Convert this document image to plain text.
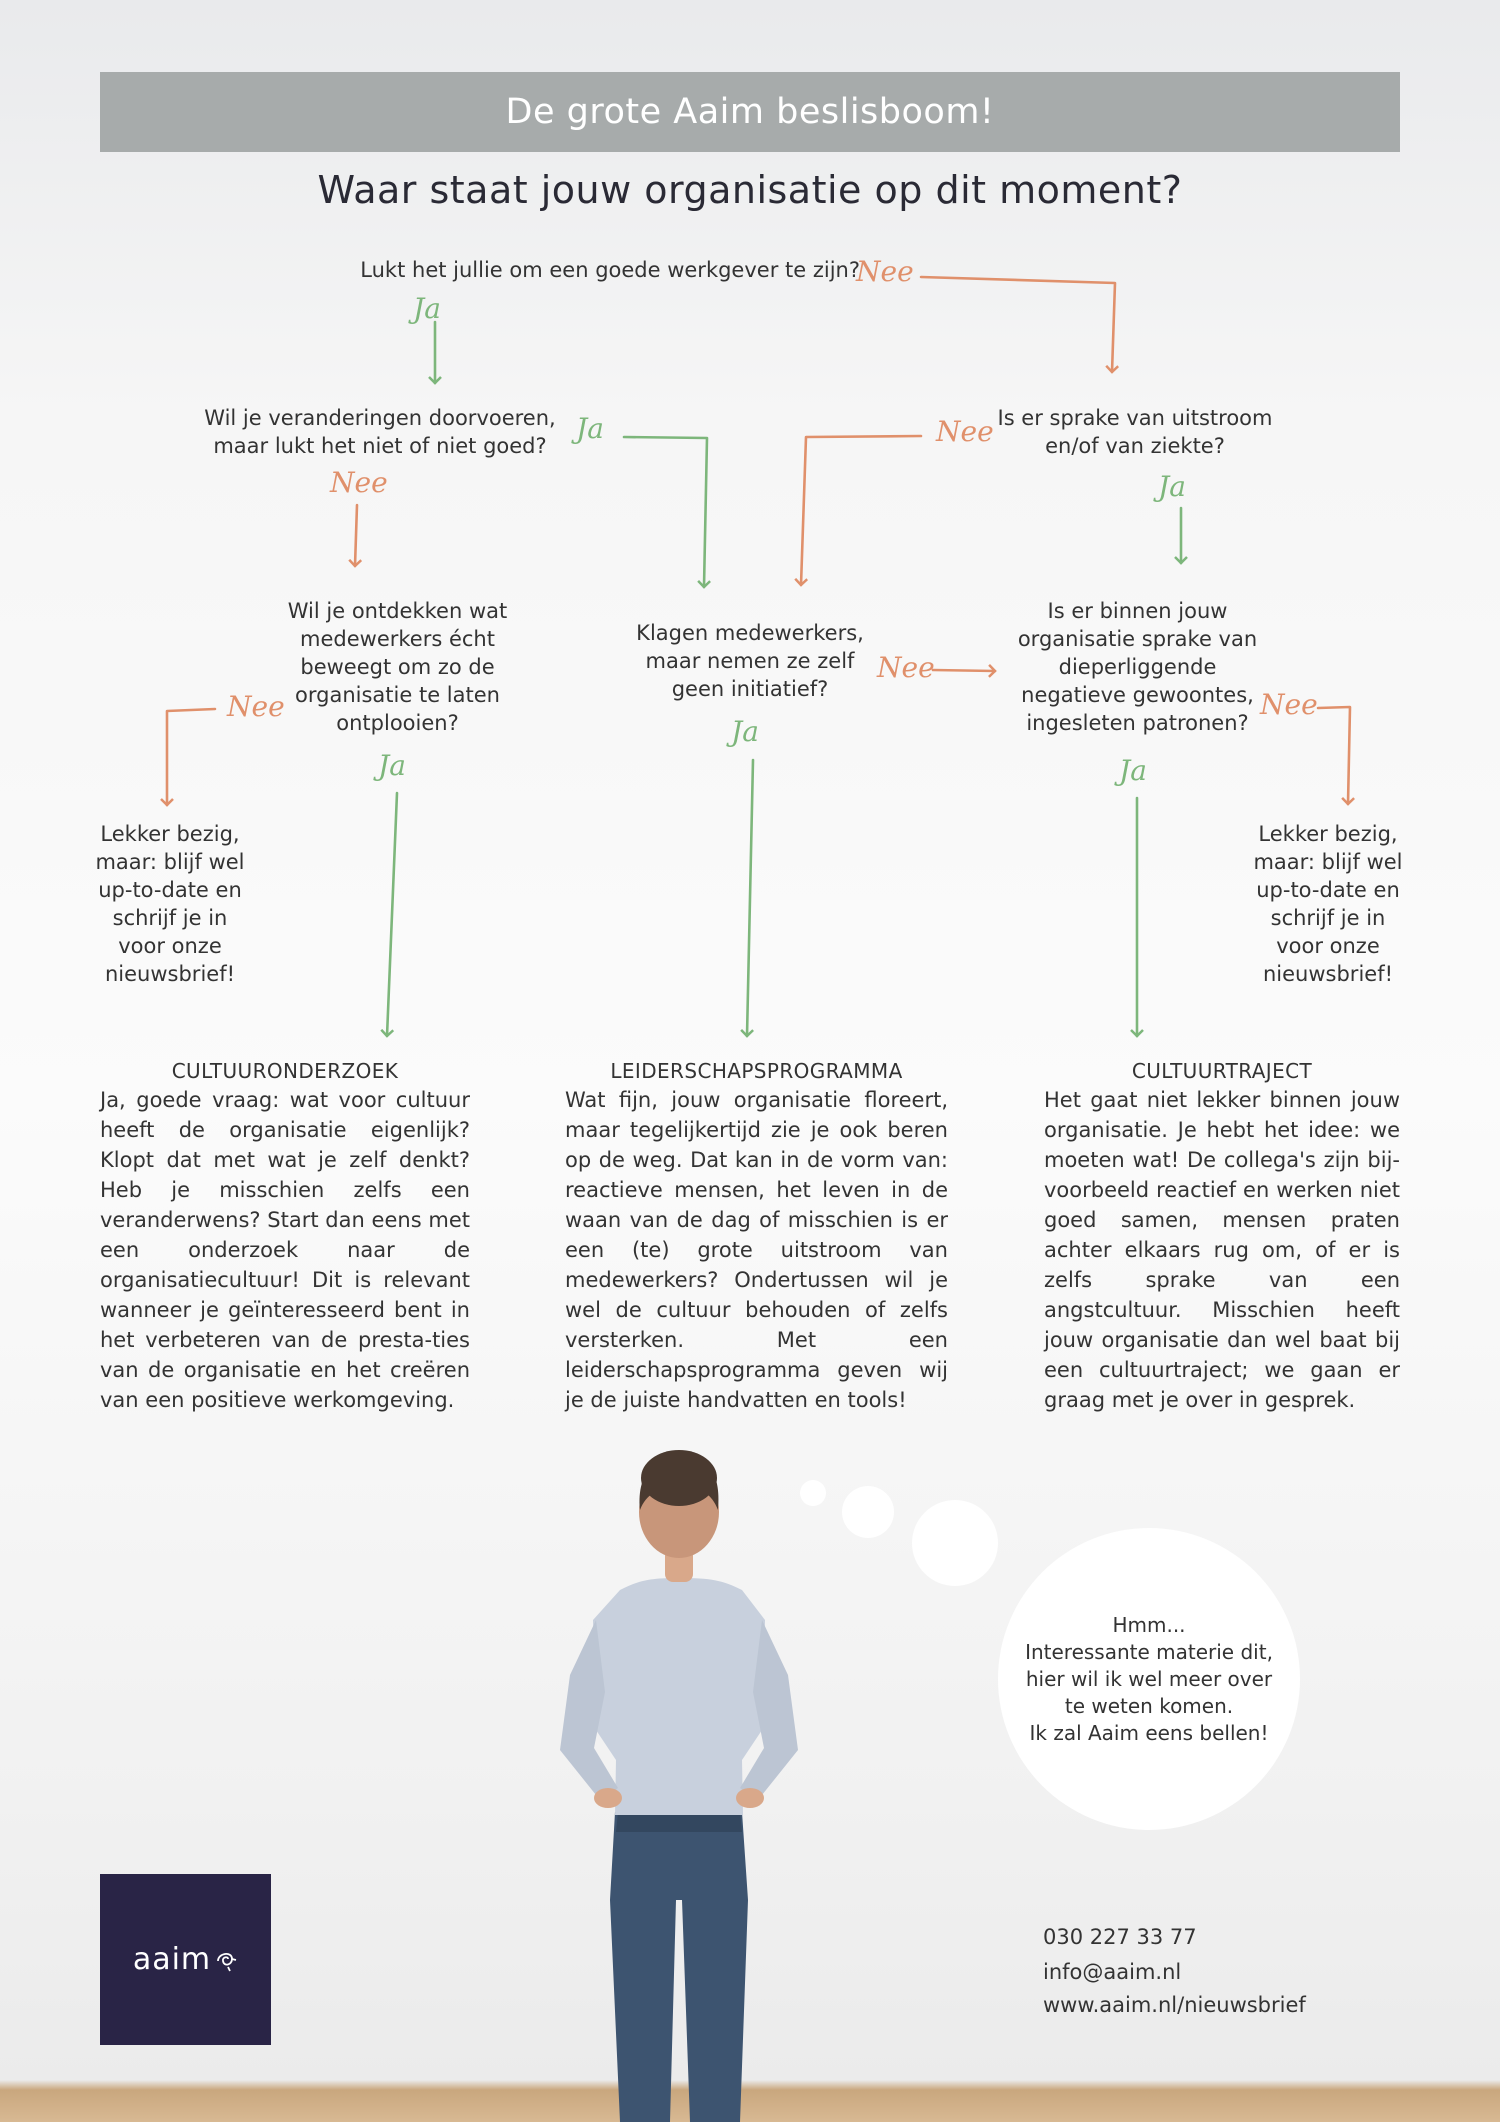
De grote Aaim beslisboom!
Waar staat jouw organisatie op dit moment?
Lukt het jullie om een goede werkgever te zijn?
Wil je veranderingen doorvoeren,
maar lukt het niet of niet goed?
Is er sprake van uitstroom
en/of van ziekte?
Wil je ontdekken wat
medewerkers écht
beweegt om zo de
organisatie te laten
ontplooien?
Klagen medewerkers,
maar nemen ze zelf
geen initiatief?
Is er binnen jouw
organisatie sprake van
dieperliggende
negatieve gewoontes,
ingesleten patronen?
Ja
Nee
Ja
Nee
Nee
Ja
Nee
Ja
Nee
Ja
Nee
Ja
Lekker bezig,
maar: blijf wel
up-to-date en
schrijf je in
voor onze
nieuwsbrief!
Lekker bezig,
maar: blijf wel
up-to-date en
schrijf je in
voor onze
nieuwsbrief!
CULTUURONDERZOEK
Ja, goede vraag: wat voor cultuur heeft de organisatie eigenlijk? Klopt dat met wat je zelf denkt? Heb je misschien zelfs een veranderwens? Start dan eens met een onderzoek naar de organisatiecultuur! Dit is relevant wanneer je geïnteresseerd bent in het verbeteren van de presta-ties van de organisatie en het creëren van een positieve werkomgeving.
LEIDERSCHAPSPROGRAMMA
Wat fijn, jouw organisatie floreert, maar tegelijkertijd zie je ook beren op de weg. Dat kan in de vorm van: reactieve mensen, het leven in de waan van de dag of misschien is er een (te) grote uitstroom van medewerkers? Ondertussen wil je wel de cultuur behouden of zelfs versterken. Met een leiderschapsprogramma geven wij je de juiste handvatten en tools!
CULTUURTRAJECT
Het gaat niet lekker binnen jouw organisatie. Je hebt het idee: we moeten wat! De collega's zijn bij-voorbeeld reactief en werken niet goed samen, mensen praten achter elkaars rug om, of er is zelfs sprake van een angstcultuur. Misschien heeft jouw organisatie dan wel baat bij een cultuurtraject; we gaan er graag met je over in gesprek.
Hmm...
Interessante materie dit,
hier wil ik wel meer over
te weten komen.
Ik zal Aaim eens bellen!
aaim
030 227 33 77
info@aaim.nl
www.aaim.nl/nieuwsbrief
